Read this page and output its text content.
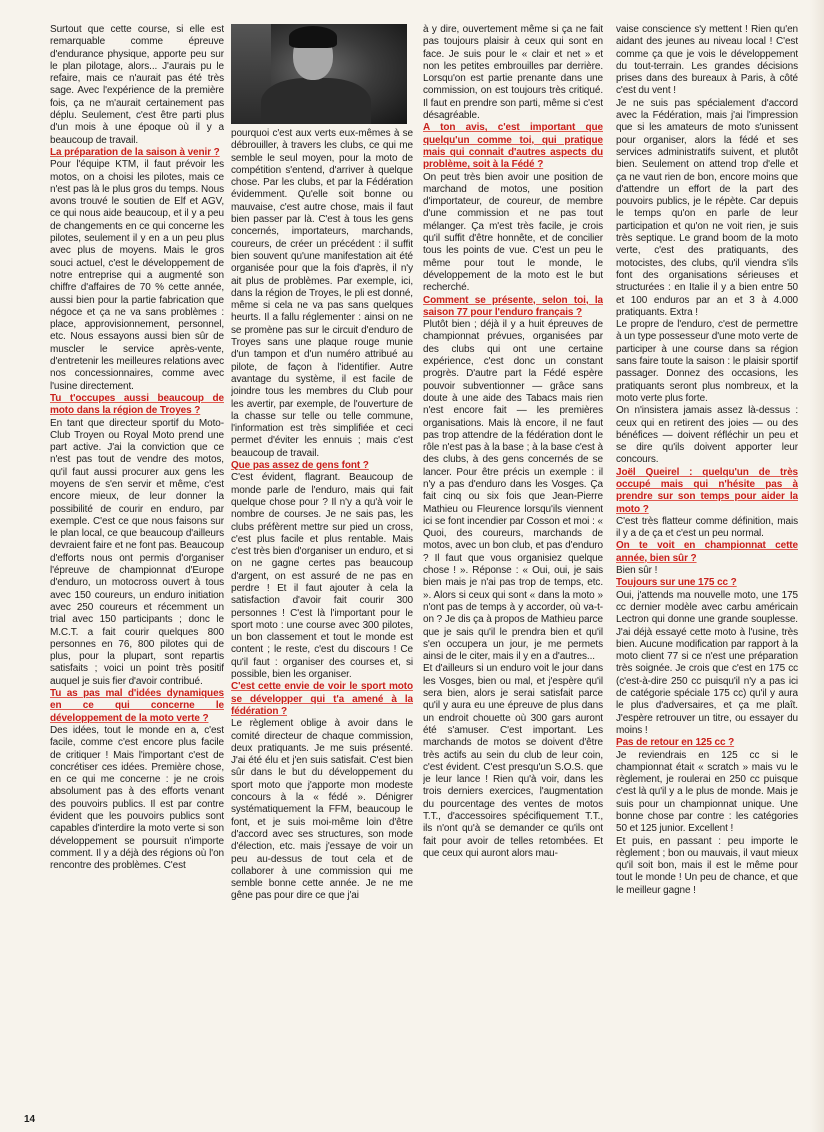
Surtout que cette course, si elle est remarquable comme épreuve d'endurance physique, apporte peu sur le plan pilotage, alors... J'aurais pu le refaire, mais ce n'aurait pas été très sage. Avec l'expérience de la première fois, ça ne m'aurait certainement pas déplu. Seulement, c'est être parti plus d'un mois à une époque où il y a beaucoup de travail.

La préparation de la saison à venir ?

Pour l'équipe KTM, il faut prévoir les motos, on a choisi les pilotes, mais ce n'est pas là le plus gros du temps. Nous avons trouvé le soutien de Elf et AGV, ce qui nous aide beaucoup, et il y a peu de changements en ce qui concerne les pilotes, seulement il y en a un peu plus avec plus de moyens. Mais le gros souci actuel, c'est le développement de notre entreprise qui a augmenté son chiffre d'affaires de 70 % cette année, aussi bien pour la partie fabrication que négoce et ça ne va sans problèmes : place, approvisionnement, personnel, etc. Nous essayons aussi bien sûr de muscler le service après-vente, d'entretenir les meilleures relations avec nos concessionnaires, comme avec l'usine directement.

Tu t'occupes aussi beaucoup de moto dans la région de Troyes ?

En tant que directeur sportif du Moto-Club Troyen ou Royal Moto prend une part active. J'ai la conviction que ce n'est pas tout de vendre des motos, qu'il faut aussi procurer aux gens les moyens de s'en servir et même, c'est encore mieux, de leur donner la possibilité de courir en enduro, par exemple. C'est ce que nous faisons sur le plan local, ce que beaucoup d'ailleurs devraient faire et ne font pas. Beaucoup d'efforts nous ont permis d'organiser l'épreuve de championnat d'Europe d'enduro, un motocross ouvert à tous avec 150 coureurs, un enduro initiation avec 250 coureurs et récemment un trial avec 150 participants ; donc le M.C.T. a fait courir quelques 800 personnes en 76, 800 pilotes qui de plus, pour la plupart, sont repartis satisfaits ; voici un point très positif auquel je suis fier d'avoir contribué.

Tu as pas mal d'idées dynamiques en ce qui concerne le développement de la moto verte ?

Des idées, tout le monde en a, c'est facile, comme c'est encore plus facile de critiquer ! Mais l'important c'est de concrétiser ces idées. Première chose, en ce qui me concerne : je ne crois absolument pas à des efforts venant des pouvoirs publics. Il est par contre évident que les pouvoirs publics sont capables d'interdire la moto verte si son développement se poursuit n'importe comment. Il y a déjà des régions où l'on rencontre des problèmes. C'est

pourquoi c'est aux verts eux-mêmes à se débrouiller, à travers les clubs, ce qui me semble le seul moyen, pour la moto de compétition s'entend, d'arriver à quelque chose. Par les clubs, et par la Fédération évidemment. Qu'elle soit bonne ou mauvaise, c'est autre chose, mais il faut bien passer par là. C'est à tous les gens concernés, importateurs, marchands, coureurs, de créer un précédent : il suffit bien souvent qu'une manifestation ait été organisée pour que la fois d'après, il n'y ait plus de problèmes. Par exemple, ici, dans la région de Troyes, le pli est donné, même si cela ne va pas sans quelques heurts. Il a fallu réglementer : ainsi on ne se promène pas sur le circuit d'enduro de Troyes sans une plaque rouge munie d'un tampon et d'un numéro attribué au pilote, de façon à l'identifier. Autre avantage du système, il est facile de joindre tous les membres du Club pour les avertir, par exemple, de l'ouverture de la chasse sur telle ou telle commune, l'information est très simplifiée et ceci permet d'éviter les ennuis ; mais c'est beaucoup de travail.

Que pas assez de gens font ?

C'est évident, flagrant. Beaucoup de monde parle de l'enduro, mais qui fait quelque chose pour ? Il n'y a qu'à voir le nombre de courses. Je ne sais pas, les clubs préfèrent mettre sur pied un cross, c'est plus facile et plus rentable. Mais c'est très bien d'organiser un enduro, et si on ne gagne certes pas beaucoup d'argent, on est assuré de ne pas en perdre ! Et il faut ajouter à cela la satisfaction d'avoir fait courir 300 personnes ! C'est là l'important pour le sport moto : une course avec 300 pilotes, un bon classement et tout le monde est content ; le reste, c'est du discours ! Ce qu'il faut : organiser des courses et, si possible, bien les organiser.

C'est cette envie de voir le sport moto se développer qui t'a amené à la fédération ?

Le règlement oblige à avoir dans le comité directeur de chaque commission, deux pratiquants. Je me suis présenté. J'ai été élu et j'en suis satisfait. C'est bien sûr dans le but du développement du sport moto que j'apporte mon modeste concours à la « fédé ». Dénigrer systématiquement la FFM, beaucoup le font, et je suis moi-même loin d'être d'accord avec ses structures, son mode d'élection, etc. mais j'essaye de voir un peu au-dessus de tout cela et de collaborer à une commission qui me semble bonne cette année. Je ne me gêne pas pour dire ce que j'ai

à y dire, ouvertement même si ça ne fait pas toujours plaisir à ceux qui sont en face. Je suis pour le « clair et net » et non les petites embrouilles par derrière. Lorsqu'on est partie prenante dans une commission, on est toujours très critiqué. Il faut en prendre son parti, même si c'est désagréable.

A ton avis, c'est important que quelqu'un comme toi, qui pratique mais qui connait d'autres aspects du problème, soit à la Fédé ?

On peut très bien avoir une position de marchand de motos, une position d'importateur, de coureur, de membre d'une commission et ne pas tout mélanger. Ça m'est très facile, je crois qu'il suffit d'être honnête, et de concilier tous les points de vue. C'est un peu le même pour tout le monde, le développement de la moto est le but recherché.

Comment se présente, selon toi, la saison 77 pour l'enduro français ?

Plutôt bien ; déjà il y a huit épreuves de championnat prévues, organisées par des clubs qui ont une certaine expérience, c'est donc un constant progrès. D'autre part la Fédé espère pouvoir subventionner — grâce sans doute à une aide des Tabacs mais rien n'est encore fait — les premières organisations. Mais là encore, il ne faut pas trop attendre de la fédération dont le rôle n'est pas à la base ; à la base c'est à des clubs, à des gens concernés de se lancer. Pour être précis un exemple : il n'y a pas d'enduro dans les Vosges. Ça fait cinq ou six fois que Jean-Pierre Mathieu ou Fleurence lorsqu'ils viennent ici se font incendier par Cosson et moi : « Quoi, des coureurs, marchands de motos, avec un bon club, et pas d'enduro ? Il faut que vous organisiez quelque chose ! ». Réponse : « Oui, oui, je sais bien mais je n'ai pas trop de temps, etc. ». Alors si ceux qui sont « dans la moto » n'ont pas de temps à y accorder, où va-t-on ? Je dis ça à propos de Mathieu parce que je sais qu'il le prendra bien et qu'il s'en occupera un jour, je me permets ainsi de le citer, mais il y en a d'autres...

Et d'ailleurs si un enduro voit le jour dans les Vosges, bien ou mal, et j'espère qu'il sera bien, alors je serai satisfait parce qu'il y aura eu une épreuve de plus dans un endroit chouette où 300 gars auront été s'amuser. C'est important. Les marchands de motos se doivent d'être très actifs au sein du club de leur coin, c'est évident. C'est presqu'un S.O.S. que je leur lance ! Rien qu'à voir, dans les trois derniers exercices, l'augmentation du pourcentage des ventes de motos T.T., d'accessoires spécifiquement T.T., ils n'ont qu'à se demander ce qu'ils ont fait pour avoir de telles retombées. Et que ceux qui auront alors mau-

vaise conscience s'y mettent ! Rien qu'en aidant des jeunes au niveau local ! C'est comme ça que je vois le développement du tout-terrain. Les grandes décisions prises dans des bureaux à Paris, à côté c'est du vent !

Je ne suis pas spécialement d'accord avec la Fédération, mais j'ai l'impression que si les amateurs de moto s'unissent pour organiser, alors la fédé et ses services administratifs suivent, et plutôt bien. Seulement on attend trop d'elle et ça ne vaut rien de bon, encore moins que d'attendre un effort de la part des pouvoirs publics, je le répète. Car depuis le temps qu'on en parle de leur participation et qu'on ne voit rien, je suis très septique. Le grand boom de la moto verte, c'est des pratiquants, des motocistes, des clubs, qu'il viendra s'ils font des organisations sérieuses et structurées : en Italie il y a bien entre 50 et 100 enduros par an et 3 à 4.000 pratiquants. Extra !

Le propre de l'enduro, c'est de permettre à un type possesseur d'une moto verte de participer à une course dans sa région sans faire toute la saison : le plaisir sportif passager. Donnez des occasions, les pratiquants seront plus nombreux, et la moto verte plus forte.

On n'insistera jamais assez là-dessus : ceux qui en retirent des joies — ou des bénéfices — doivent réfléchir un peu et se dire qu'ils doivent apporter leur concours.

Joël Queirel : quelqu'un de très occupé mais qui n'hésite pas à prendre sur son temps pour aider la moto ?

C'est très flatteur comme définition, mais il y a de ça et c'est un peu normal.

On te voit en championnat cette année, bien sûr ?

Bien sûr !

Toujours sur une 175 cc ?

Oui, j'attends ma nouvelle moto, une 175 cc dernier modèle avec carbu américain Lectron qui donne une grande souplesse. J'ai déjà essayé cette moto à l'usine, très bien. Aucune modification par rapport à la moto client 77 si ce n'est une préparation très soignée. Je crois que c'est en 175 cc (c'est-à-dire 250 cc puisqu'il n'y a pas ici de catégorie spéciale 175 cc) qu'il y aura le plus d'adversaires, et ça me plaît. J'espère retrouver un titre, ou essayer du moins !

Pas de retour en 125 cc ?

Je reviendrais en 125 cc si le championnat était « scratch » mais vu le règlement, je roulerai en 250 cc puisque c'est là qu'il y a le plus de monde. Mais je suis pour un championnat unique. Une bonne chose par contre : les catégories 50 et 125 junior. Excellent !

Et puis, en passant : peu importe le règlement ; bon ou mauvais, il vaut mieux qu'il soit bon, mais il est le même pour tout le monde ! Un peu de chance, et que le meilleur gagne !

14
